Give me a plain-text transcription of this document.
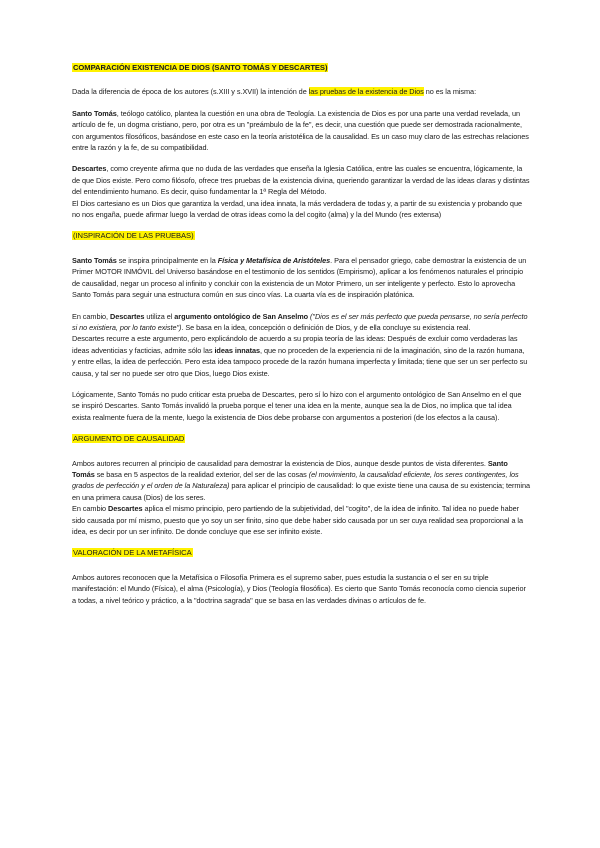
COMPARACIÓN EXISTENCIA DE DIOS (SANTO TOMÁS Y DESCARTES)

Dada la diferencia de época de los autores (s.XIII y s.XVII) la intención de las pruebas de la existencia de Dios no es la misma:

Santo Tomás, teólogo católico, plantea la cuestión en una obra de Teología. La existencia de Dios es por una parte una verdad revelada, un artículo de fe, un dogma cristiano, pero, por otra es un "preámbulo de la fe", es decir, una cuestión que puede ser demostrada racionalmente, con argumentos filosóficos, basándose en este caso en la teoría aristotélica de la causalidad. Es un caso muy claro de las estrechas relaciones entre la razón y la fe, de su compatibilidad.

Descartes, como creyente afirma que no duda de las verdades que enseña la Iglesia Católica, entre las cuales se encuentra, lógicamente, la de que Dios existe. Pero como filósofo, ofrece tres pruebas de la existencia divina, queriendo garantizar la verdad de las ideas claras y distintas del entendimiento humano. Es decir, quiso fundamentar la 1ª Regla del Método.

El Dios cartesiano es un Dios que garantiza la verdad, una idea innata, la más verdadera de todas y, a partir de su existencia y probando que no nos engaña, puede afirmar luego la verdad de otras ideas como la del cogito (alma) y la del Mundo (res extensa)

(INSPIRACIÓN DE LAS PRUEBAS)

Santo Tomás se inspira principalmente en la Física y Metafísica de Aristóteles. Para el pensador griego, cabe demostrar la existencia de un Primer MOTOR INMÓVIL del Universo basándose en el testimonio de los sentidos (Empirismo), aplicar a los fenómenos naturales el principio de causalidad, negar un proceso al infinito y concluir con la existencia de un Motor Primero, un ser inteligente y perfecto. Esto lo aprovecha Santo Tomás para seguir una estructura común en sus cinco vías. La cuarta vía es de inspiración platónica.

En cambio, Descartes utiliza el argumento ontológico de San Anselmo ("Dios es el ser más perfecto que pueda pensarse, no sería perfecto si no existiera, por lo tanto existe"). Se basa en la idea, concepción o definición de Dios, y de ella concluye su existencia real.

Descartes recurre a este argumento, pero explicándolo de acuerdo a su propia teoría de las ideas: Después de excluir como verdaderas las ideas adventicias y facticias, admite sólo las ideas innatas, que no proceden de la experiencia ni de la imaginación, sino de la razón humana, y entre ellas, la idea de perfección. Pero esta idea tampoco procede de la razón humana imperfecta y limitada; tiene que ser un ser perfecto su causa, y tal ser no puede ser otro que Dios, luego Dios existe.

Lógicamente, Santo Tomás no pudo criticar esta prueba de Descartes, pero sí lo hizo con el argumento ontológico de San Anselmo en el que se inspiró Descartes. Santo Tomás invalidó la prueba porque el tener una idea en la mente, aunque sea la de Dios, no implica que tal idea exista realmente fuera de la mente, luego la existencia de Dios debe probarse con argumentos a posteriori (de los efectos a la causa).

ARGUMENTO DE CAUSALIDAD

Ambos autores recurren al principio de causalidad para demostrar la existencia de Dios, aunque desde puntos de vista diferentes. Santo Tomás se basa en 5 aspectos de la realidad exterior, del ser de las cosas (el movimiento, la causalidad eficiente, los seres contingentes, los grados de perfección y el orden de la Naturaleza) para aplicar el principio de causalidad: lo que existe tiene una causa de su existencia; termina en una primera causa (Dios) de los seres.

En cambio Descartes aplica el mismo principio, pero partiendo de la subjetividad, del "cogito", de la idea de infinito. Tal idea no puede haber sido causada por mí mismo, puesto que yo soy un ser finito, sino que debe haber sido causada por un ser cuya realidad sea proporcional a la idea, es decir por un ser infinito. De donde concluye que ese ser infinito existe.

VALORACIÓN DE LA METAFÍSICA

Ambos autores reconocen que la Metafísica o Filosofía Primera es el supremo saber, pues estudia la sustancia o el ser en su triple manifestación: el Mundo (Física), el alma (Psicología), y Dios (Teología filosófica). Es cierto que Santo Tomás reconocía como ciencia superior a todas, a nivel teórico y práctico, a la "doctrina sagrada" que se basa en las verdades divinas o artículos de fe.
